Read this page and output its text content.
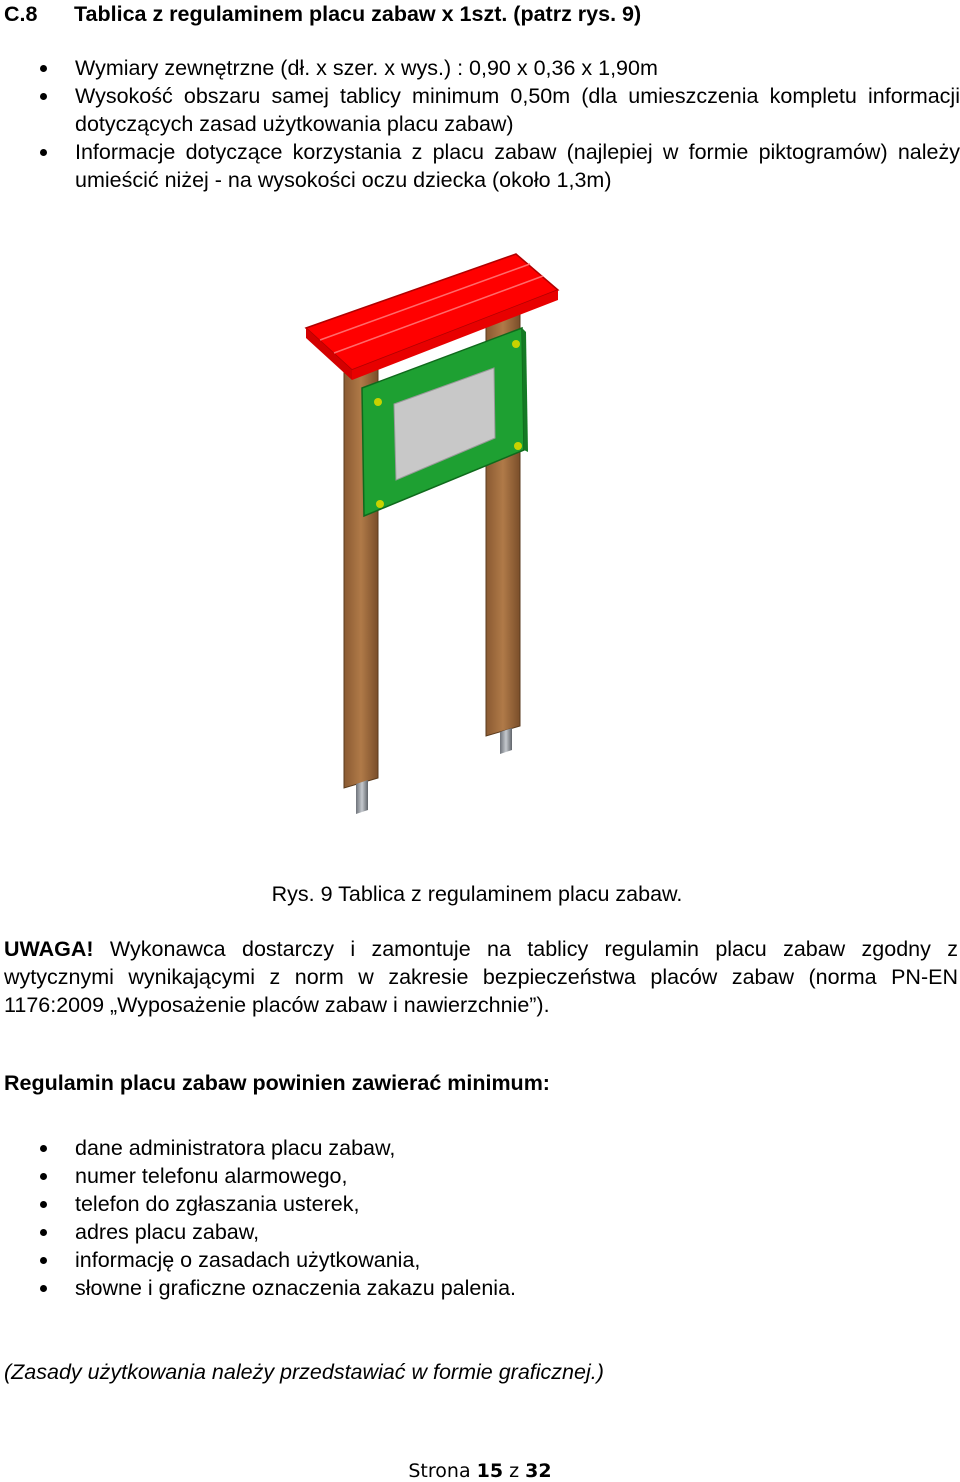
C.8 Tablica z regulaminem placu zabaw x 1szt. (patrz rys. 9)
Wymiary zewnętrzne (dł. x szer. x wys.) : 0,90 x 0,36 x 1,90m
Wysokość obszaru samej tablicy minimum 0,50m (dla umieszczenia kompletu informacji dotyczących zasad użytkowania placu zabaw)
Informacje dotyczące korzystania z placu zabaw (najlepiej w formie piktogramów) należy umieścić niżej - na wysokości oczu dziecka (około 1,3m)
Rys. 9 Tablica z regulaminem placu zabaw.
UWAGA! Wykonawca dostarczy i zamontuje na tablicy regulamin placu zabaw zgodny z wytycznymi wynikającymi z norm w zakresie bezpieczeństwa placów zabaw (norma PN-EN 1176:2009 „Wyposażenie placów zabaw i nawierzchnie”).
Regulamin placu zabaw powinien zawierać minimum:
dane administratora placu zabaw,
numer telefonu alarmowego,
telefon do zgłaszania usterek,
adres placu zabaw,
informację o zasadach użytkowania,
słowne i graficzne oznaczenia zakazu palenia.
(Zasady użytkowania należy przedstawiać w formie graficznej.)
Strona 15 z 32
